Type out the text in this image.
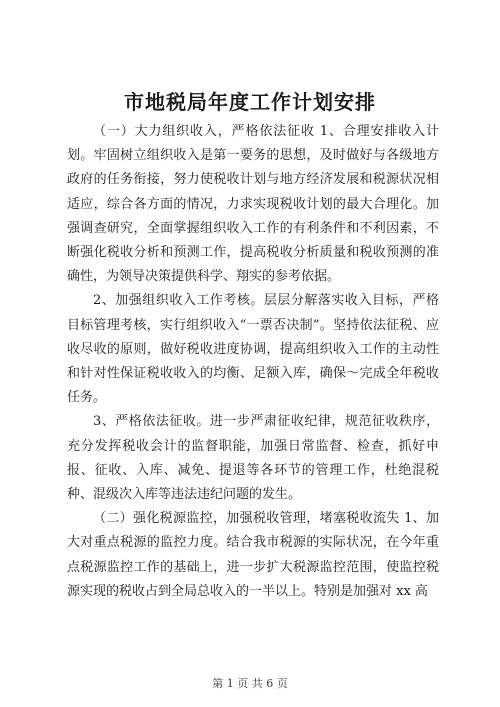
市地税局年度工作计划安排

（一）大力组织收入，严格依法征收 1、合理安排收入计划。牢固树立组织收入是第一要务的思想，及时做好与各级地方政府的任务衔接，努力使税收计划与地方经济发展和税源状况相适应，综合各方面的情况，力求实现税收计划的最大合理化。加强调查研究，全面掌握组织收入工作的有利条件和不利因素，不断强化税收分析和预测工作，提高税收分析质量和税收预测的准确性，为领导决策提供科学、翔实的参考依据。

2、加强组织收入工作考核。层层分解落实收入目标，严格目标管理考核，实行组织收入“一票否决制”。坚持依法征税、应收尽收的原则，做好税收进度协调，提高组织收入工作的主动性和针对性保证税收收入的均衡、足额入库，确保～完成全年税收任务。

3、严格依法征收。进一步严肃征收纪律，规范征收秩序，充分发挥税收会计的监督职能，加强日常监督、检查，抓好申报、征收、入库、减免、提退等各环节的管理工作，杜绝混税种、混级次入库等违法违纪问题的发生。

（二）强化税源监控，加强税收管理，堵塞税收流失 1、加大对重点税源的监控力度。结合我市税源的实际状况，在今年重点税源监控工作的基础上，进一步扩大税源监控范围，使监控税源实现的税收占到全局总收入的一半以上。特别是加强对 xx 高

第 1 页 共 6 页
